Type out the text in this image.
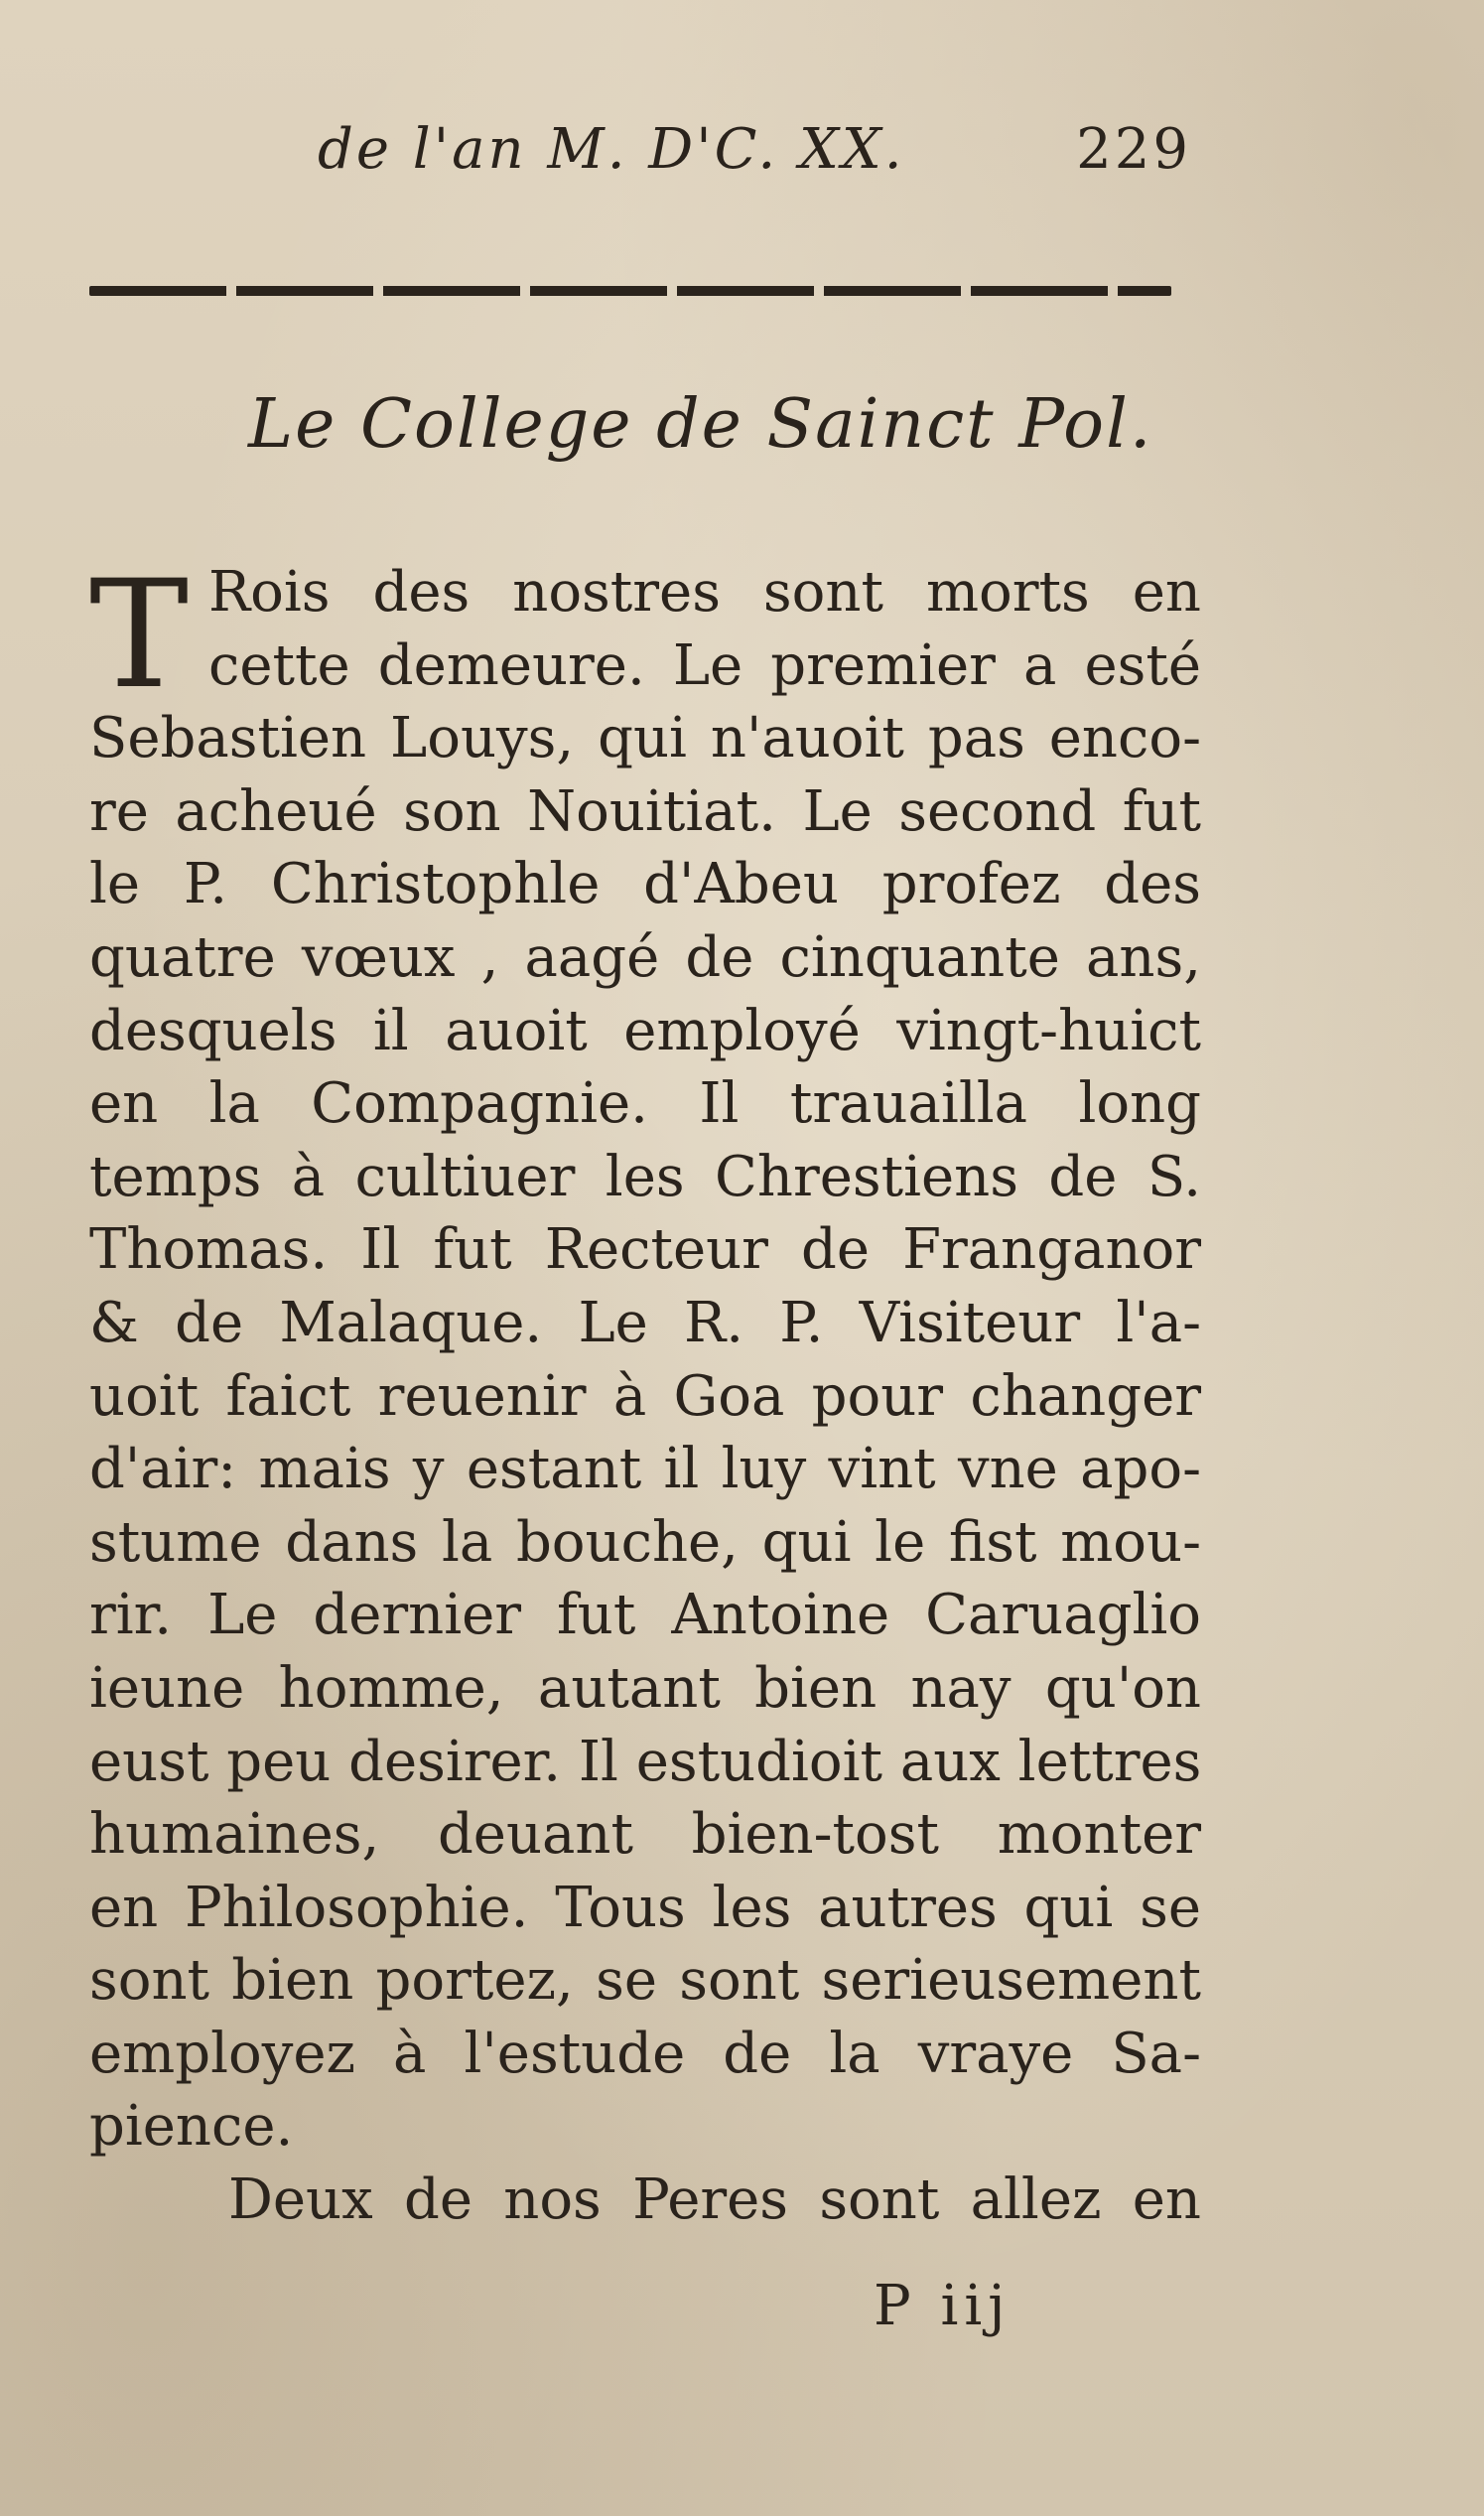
de l'an M. D'C. XX.	229
Le College de Sainct Pol.
T Rois des nostres sont morts en
cette demeure. Le premier a esté
Sebastien Louys, qui n'auoit pas enco-
re acheué son Nouitiat. Le second fut
le P. Christophle d'Abeu profez des
quatre vœux , aagé de cinquante ans,
desquels il auoit employé vingt-huict
en la Compagnie. Il trauailla long
temps à cultiuer les Chrestiens de S.
Thomas. Il fut Recteur de Franganor
& de Malaque. Le R. P. Visiteur l'a-
uoit faict reuenir à Goa pour changer
d'air: mais y estant il luy vint vne apo-
stume dans la bouche, qui le fist mou-
rir. Le dernier fut Antoine Caruaglio
ieune homme, autant bien nay qu'on
eust peu desirer. Il estudioit aux lettres
humaines, deuant bien-tost monter
en Philosophie. Tous les autres qui se
sont bien portez, se sont serieusement
employez à l'estude de la vraye Sa-
pience.
Deux de nos Peres sont allez en
P iij
